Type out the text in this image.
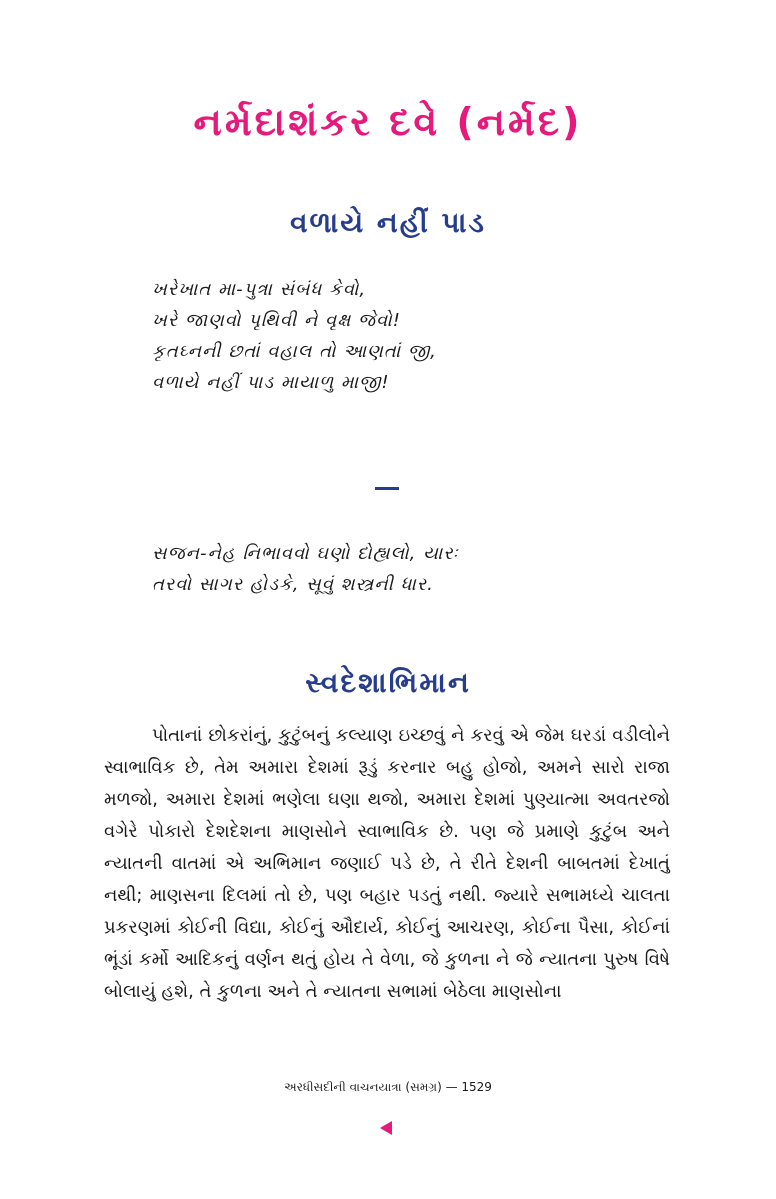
નર્મદાશંકર દવે (નર્મદ)
વળાયે નહીં પાડ
ખરેખાત મા-પુત્રા સંબંધ કેવો,
ખરે જાણવો પૃથિવી ને વૃક્ષ જેવો!
કૃતઘ્નની છતાં વહાલ તો આણતાં જી,
વળાયે નહીં પાડ માયાળુ માજી!
સજન-નેહ નિભાવવો ઘણો દોહ્યલો, યારઃ
તરવો સાગર હોડકે, સૂવું શસ્ત્રની ધાર.
સ્વદેશાભિમાન

પોતાનાં છોકરાંનું, કુટુંબનું કલ્યાણ ઇચ્છવું ને કરવું એ જેમ ઘરડાં વડીલોને સ્વાભાવિક છે, તેમ અમારા દેશમાં રૂડું કરનાર બહુ હોજો, અમને સારો રાજા મળજો, અમારા દેશમાં ભણેલા ઘણા થજો, અમારા દેશમાં પુણ્યાત્મા અવતરજો વગેરે પોકારો દેશદેશના માણસોને સ્વાભાવિક છે. પણ જે પ્રમાણે કુટુંબ અને ન્યાતની વાતમાં એ અભિમાન જણાઈ પડે છે, તે રીતે દેશની બાબતમાં દેખાતું નથી; માણસના દિલમાં તો છે, પણ બહાર પડતું નથી. જ્યારે સભામધ્યે ચાલતા પ્રકરણમાં કોઈની વિદ્યા, કોઈનું ઔદાર્ય, કોઈનું આચરણ, કોઈના પૈસા, કોઈનાં ભૂંડાં કર્મો આદિકનું વર્ણન થતું હોય તે વેળા, જે કુળના ને જે ન્યાતના પુરુષ વિષે બોલાયું હશે, તે કુળના અને તે ન્યાતના સભામાં બેઠેલા માણસોના

અરધીસદીની વાચનયાત્રા (સમગ્ર) — 1529
